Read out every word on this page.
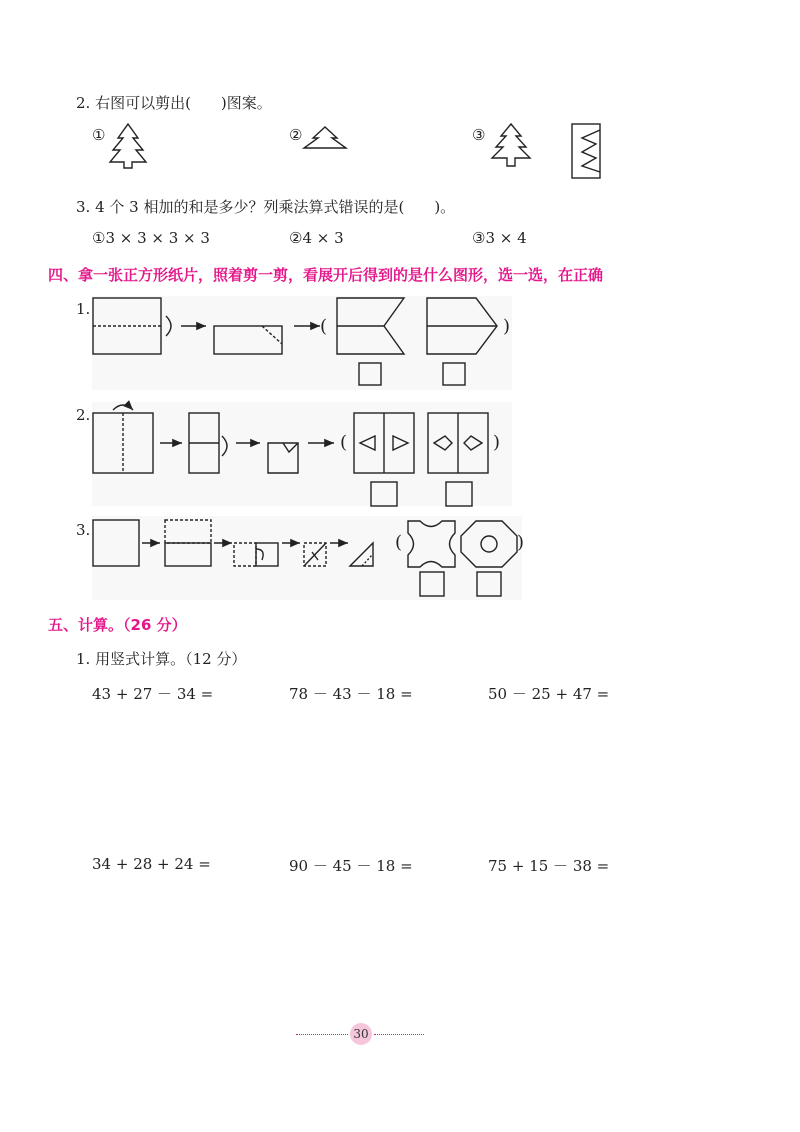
2. 右图可以剪出(　　)图案。
①	②	③
3. 4 个 3 相加的和是多少？列乘法算式错误的是(　　)。
①3 × 3 × 3 × 3	②4 × 3	③3 × 4
四、拿一张正方形纸片，照着剪一剪，看展开后得到的是什么图形，选一选，在正确
1.
2.
3.
(	)
(	)
(	)
五、计算。（26 分）
1. 用竖式计算。（12 分）
43 + 27 － 34 =	78 － 43 － 18 =	50 － 25 + 47 =
34 + 28 + 24 =	90 － 45 － 18 =	75 + 15 － 38 =
30
